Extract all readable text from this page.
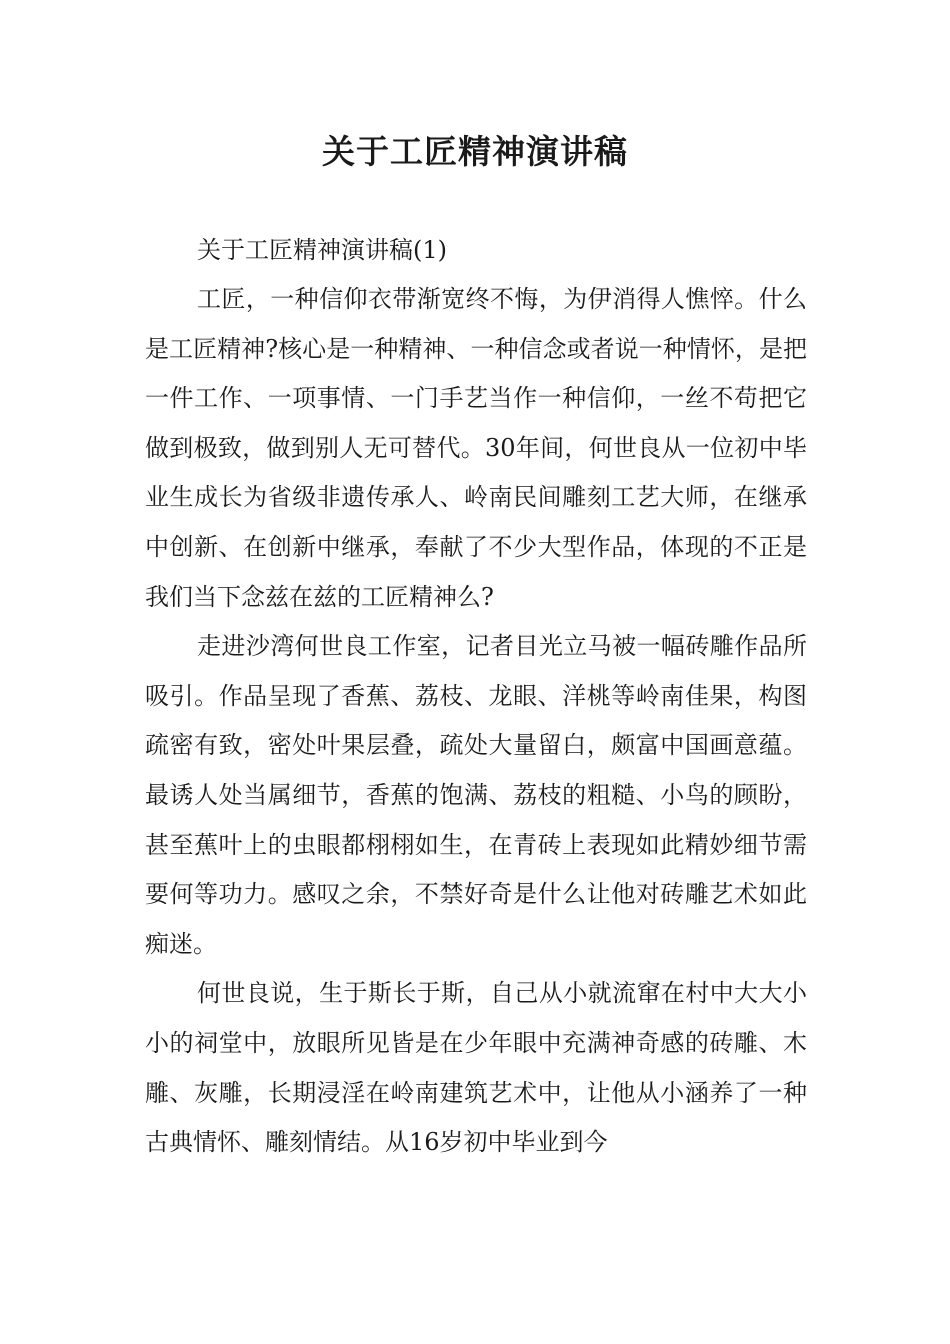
关于工匠精神演讲稿

关于工匠精神演讲稿(1)

工匠，一种信仰衣带渐宽终不悔，为伊消得人憔悴。什么是工匠精神?核心是一种精神、一种信念或者说一种情怀，是把一件工作、一项事情、一门手艺当作一种信仰，一丝不苟把它做到极致，做到别人无可替代。30年间，何世良从一位初中毕业生成长为省级非遗传承人、岭南民间雕刻工艺大师，在继承中创新、在创新中继承，奉献了不少大型作品，体现的不正是我们当下念兹在兹的工匠精神么?

走进沙湾何世良工作室，记者目光立马被一幅砖雕作品所吸引。作品呈现了香蕉、荔枝、龙眼、洋桃等岭南佳果，构图疏密有致，密处叶果层叠，疏处大量留白，颇富中国画意蕴。最诱人处当属细节，香蕉的饱满、荔枝的粗糙、小鸟的顾盼，甚至蕉叶上的虫眼都栩栩如生，在青砖上表现如此精妙细节需要何等功力。感叹之余，不禁好奇是什么让他对砖雕艺术如此痴迷。

何世良说，生于斯长于斯，自己从小就流窜在村中大大小小的祠堂中，放眼所见皆是在少年眼中充满神奇感的砖雕、木雕、灰雕，长期浸淫在岭南建筑艺术中，让他从小涵养了一种古典情怀、雕刻情结。从16岁初中毕业到今
